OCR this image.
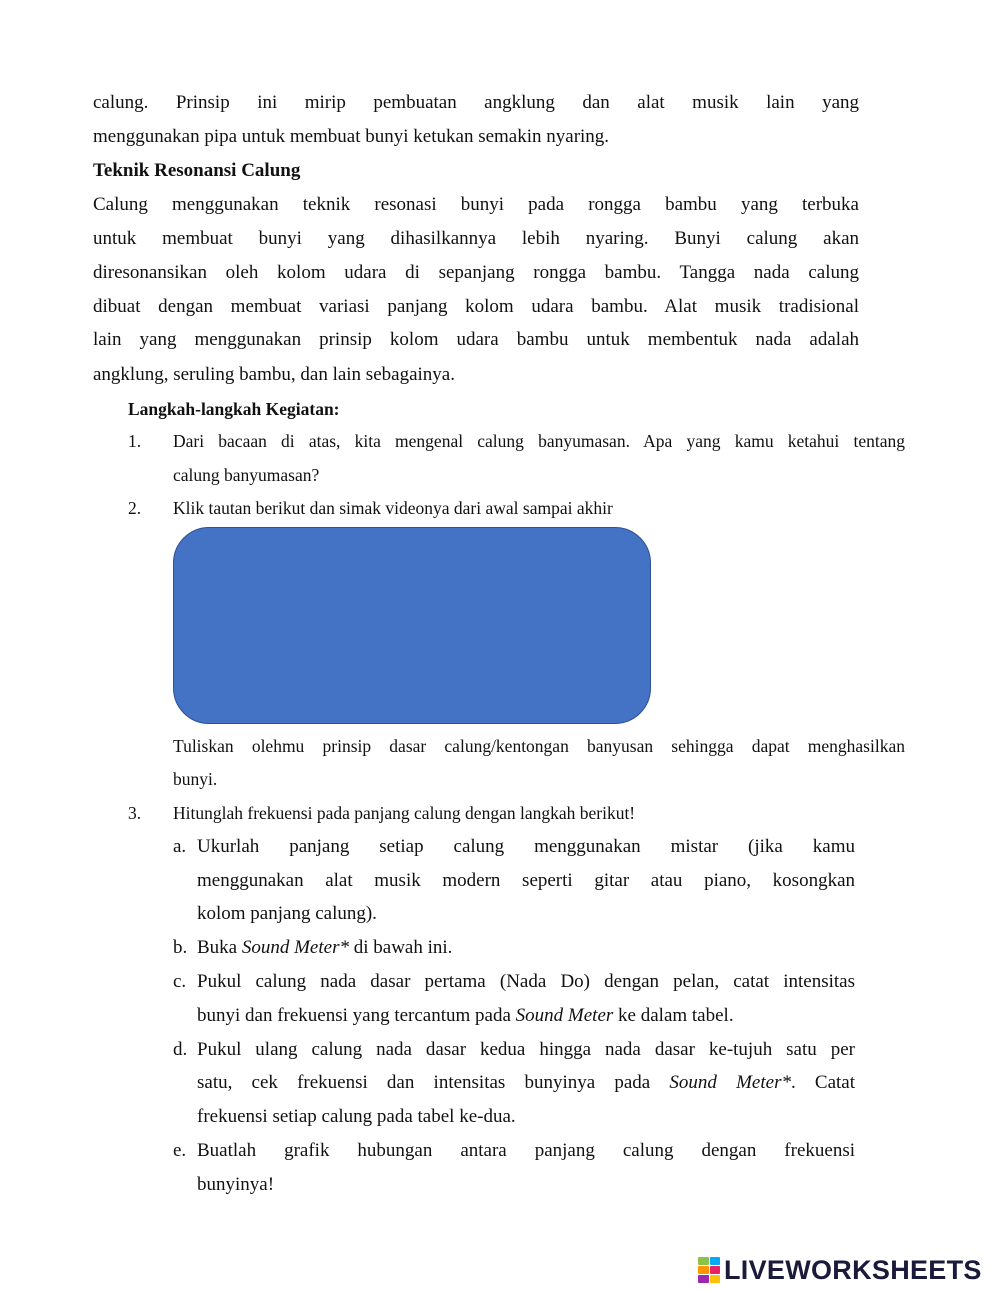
calung. Prinsip ini mirip pembuatan angklung dan alat musik lain yang
menggunakan pipa untuk membuat bunyi ketukan semakin nyaring.
Teknik Resonansi Calung
Calung menggunakan teknik resonasi bunyi pada rongga bambu yang terbuka
untuk membuat bunyi yang dihasilkannya lebih nyaring. Bunyi calung akan
diresonansikan oleh kolom udara di sepanjang rongga bambu. Tangga nada calung
dibuat dengan membuat variasi panjang kolom udara bambu. Alat musik tradisional
lain yang menggunakan prinsip kolom udara bambu untuk membentuk nada adalah
angklung, seruling bambu, dan lain sebagainya.
Langkah-langkah Kegiatan:
1. Dari bacaan di atas, kita mengenal calung banyumasan. Apa yang kamu ketahui tentang
calung banyumasan?
2. Klik tautan berikut dan simak videonya dari awal sampai akhir
Tuliskan olehmu prinsip dasar calung/kentongan banyusan sehingga dapat menghasilkan
bunyi.
3. Hitunglah frekuensi pada panjang calung dengan langkah berikut!
a. Ukurlah panjang setiap calung menggunakan mistar (jika kamu
menggunakan alat musik modern seperti gitar atau piano, kosongkan
kolom panjang calung).
b. Buka Sound Meter* di bawah ini.
c. Pukul calung nada dasar pertama (Nada Do) dengan pelan, catat intensitas
bunyi dan frekuensi yang tercantum pada Sound Meter ke dalam tabel.
d. Pukul ulang calung nada dasar kedua hingga nada dasar ke-tujuh satu per
satu, cek frekuensi dan intensitas bunyinya pada Sound Meter*. Catat
frekuensi setiap calung pada tabel ke-dua.
e. Buatlah grafik hubungan antara panjang calung dengan frekuensi
bunyinya!
LIVEWORKSHEETS
